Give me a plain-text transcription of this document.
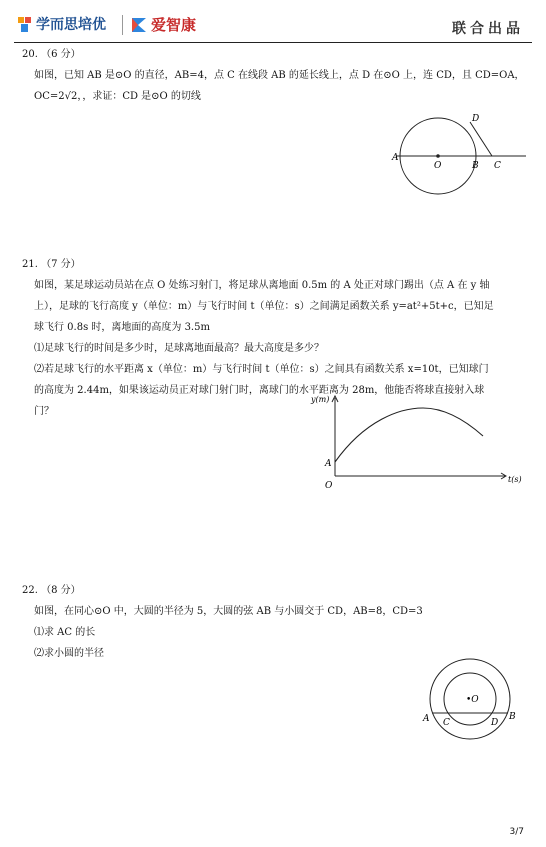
学而思培优	爱智康	联合出品
20. （6 分）

如图，已知 AB 是⊙O 的直径，AB=4，点 C 在线段 AB 的延长线上，点 D 在⊙O 上，连 CD，且 CD=OA，

OC=2√2，，求证：CD 是⊙O 的切线

A
O	B C
D
21. （7 分）

如图，某足球运动员站在点 O 处练习射门，将足球从离地面 0.5m 的 A 处正对球门踢出（点 A 在 y 轴

上），足球的飞行高度 y（单位：m）与飞行时间 t（单位：s）之间满足函数关系 y=at²+5t+c，已知足

球飞行 0.8s 时，离地面的高度为 3.5m

⑴足球飞行的时间是多少时，足球离地面最高？最大高度是多少？

⑵若足球飞行的水平距离 x（单位：m）与飞行时间 t（单位：s）之间具有函数关系 x=10t，已知球门

的高度为 2.44m，如果该运动员正对球门射门时，离球门的水平距离为 28m，他能否将球直接射入球

门？

y(m)
t(s)
A
O
22. （8 分）

如图，在同心⊙O 中，大圆的半径为 5，大圆的弦 AB 与小圆交于 CD，AB=8，CD=3

⑴求 AC 的长

⑵求小圆的半径

A	B
C	D
•O
3/7
